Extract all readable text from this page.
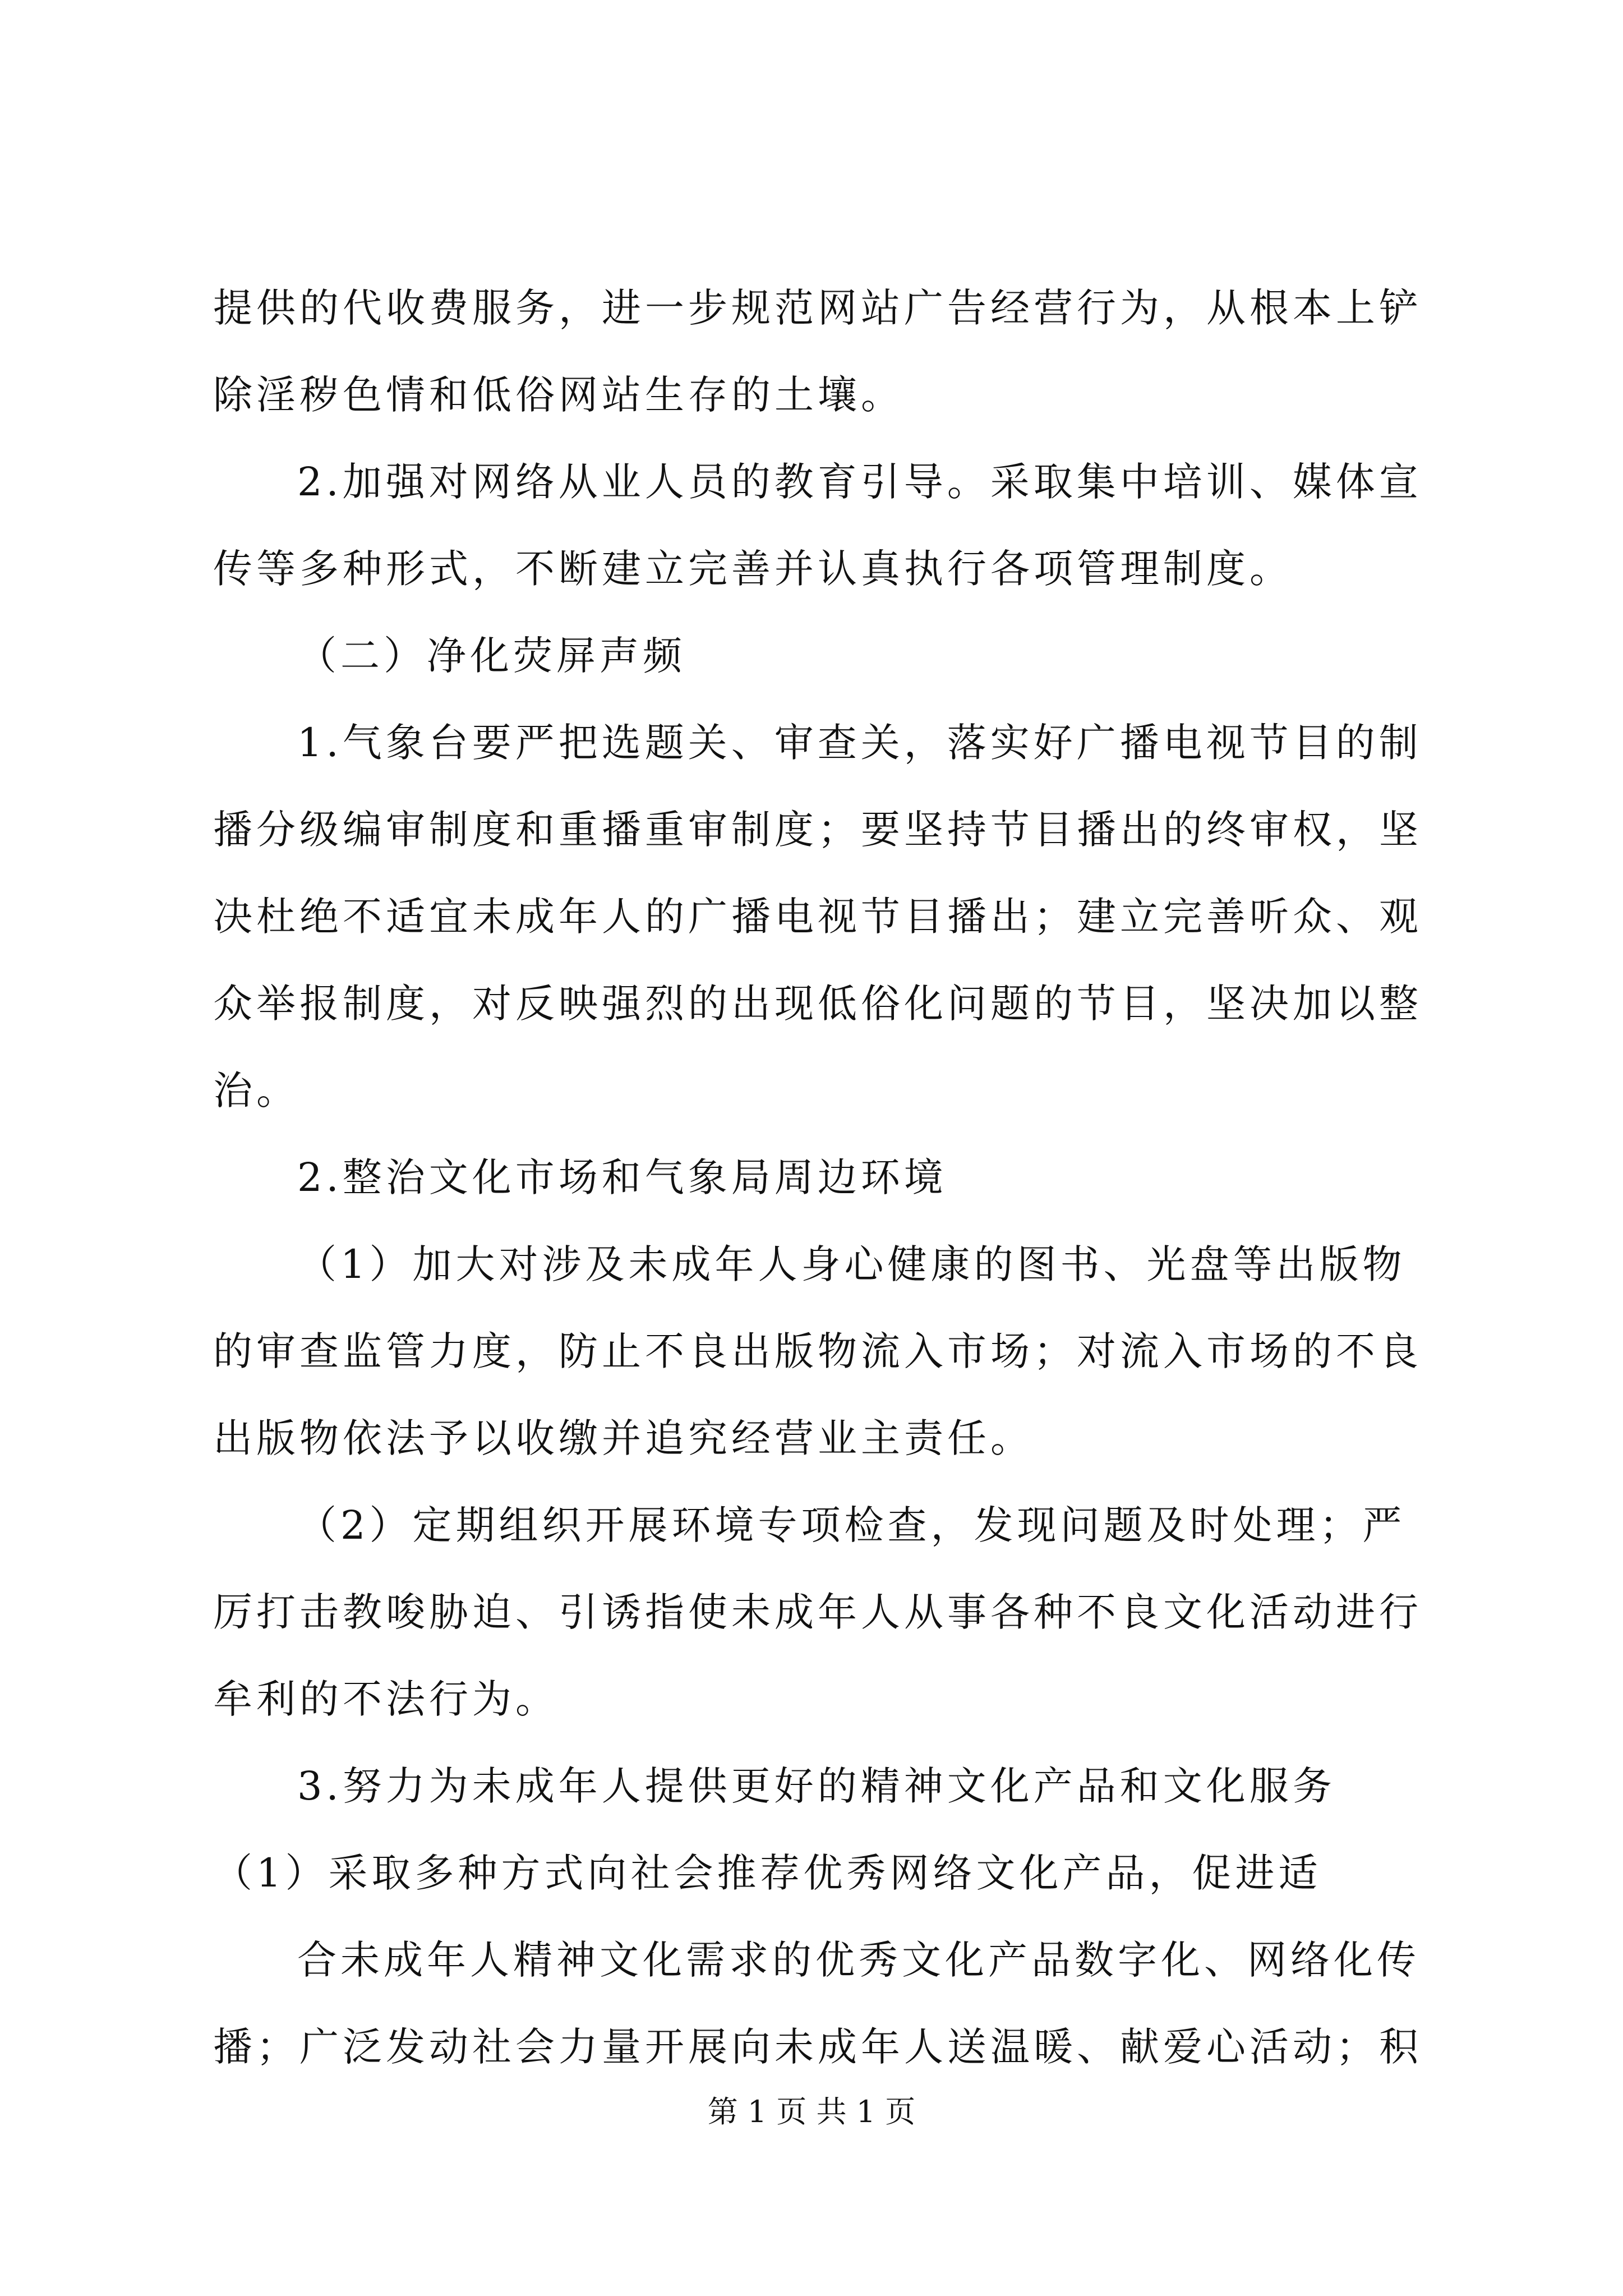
提供的代收费服务，进一步规范网站广告经营行为，从根本上铲除淫秽色情和低俗网站生存的土壤。

2.加强对网络从业人员的教育引导。采取集中培训、媒体宣传等多种形式，不断建立完善并认真执行各项管理制度。

（二）净化荧屏声频

1.气象台要严把选题关、审查关，落实好广播电视节目的制播分级编审制度和重播重审制度；要坚持节目播出的终审权，坚决杜绝不适宜未成年人的广播电视节目播出；建立完善听众、观众举报制度，对反映强烈的出现低俗化问题的节目，坚决加以整治。

2.整治文化市场和气象局周边环境

（1）加大对涉及未成年人身心健康的图书、光盘等出版物的审查监管力度，防止不良出版物流入市场；对流入市场的不良出版物依法予以收缴并追究经营业主责任。

（2）定期组织开展环境专项检查，发现问题及时处理；严厉打击教唆胁迫、引诱指使未成年人从事各种不良文化活动进行牟利的不法行为。

3.努力为未成年人提供更好的精神文化产品和文化服务（1）采取多种方式向社会推荐优秀网络文化产品，促进适

合未成年人精神文化需求的优秀文化产品数字化、网络化传播；广泛发动社会力量开展向未成年人送温暖、献爱心活动；积

第 1 页 共 1 页
